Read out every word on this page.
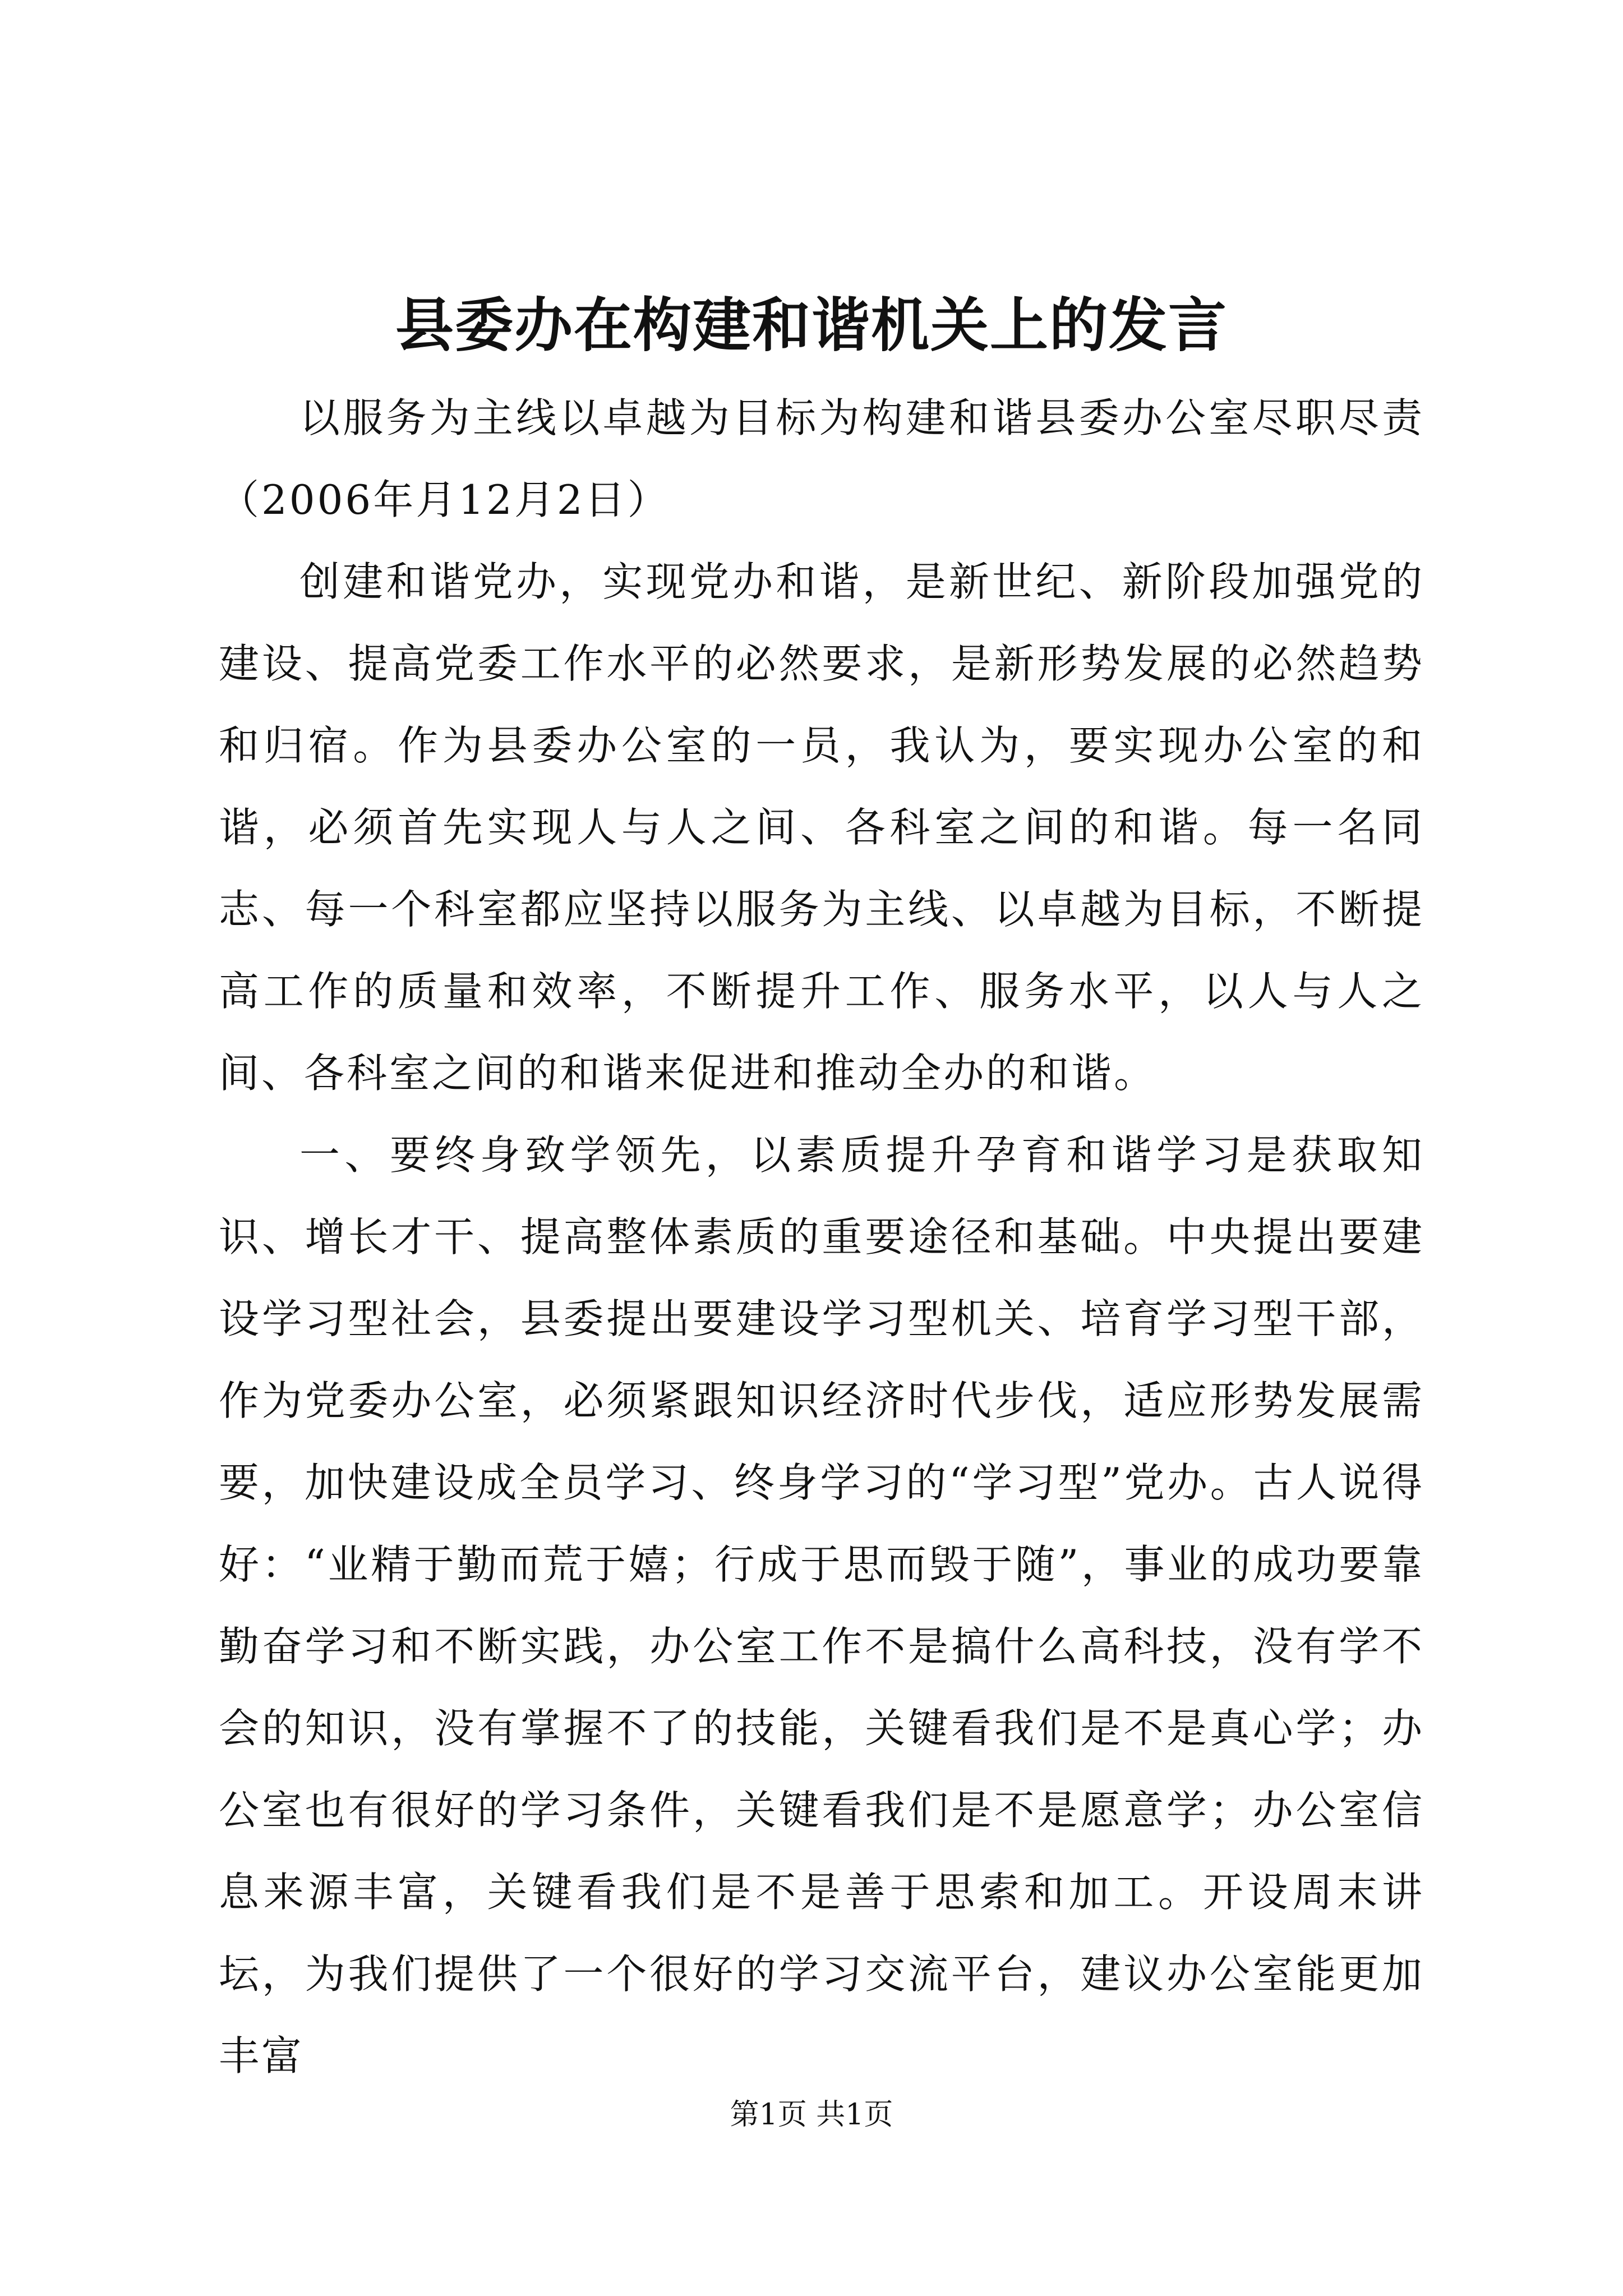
县委办在构建和谐机关上的发言

以服务为主线以卓越为目标为构建和谐县委办公室尽职尽责（2006年月12月2日）

创建和谐党办，实现党办和谐，是新世纪、新阶段加强党的建设、提高党委工作水平的必然要求，是新形势发展的必然趋势和归宿。作为县委办公室的一员，我认为，要实现办公室的和谐，必须首先实现人与人之间、各科室之间的和谐。每一名同志、每一个科室都应坚持以服务为主线、以卓越为目标，不断提高工作的质量和效率，不断提升工作、服务水平，以人与人之间、各科室之间的和谐来促进和推动全办的和谐。

一、要终身致学领先，以素质提升孕育和谐学习是获取知识、增长才干、提高整体素质的重要途径和基础。中央提出要建设学习型社会，县委提出要建设学习型机关、培育学习型干部，作为党委办公室，必须紧跟知识经济时代步伐，适应形势发展需要，加快建设成全员学习、终身学习的“学习型”党办。古人说得好：“业精于勤而荒于嬉；行成于思而毁于随”，事业的成功要靠勤奋学习和不断实践，办公室工作不是搞什么高科技，没有学不会的知识，没有掌握不了的技能，关键看我们是不是真心学；办公室也有很好的学习条件，关键看我们是不是愿意学；办公室信息来源丰富，关键看我们是不是善于思索和加工。开设周末讲坛，为我们提供了一个很好的学习交流平台，建议办公室能更加丰富

第1页 共1页
